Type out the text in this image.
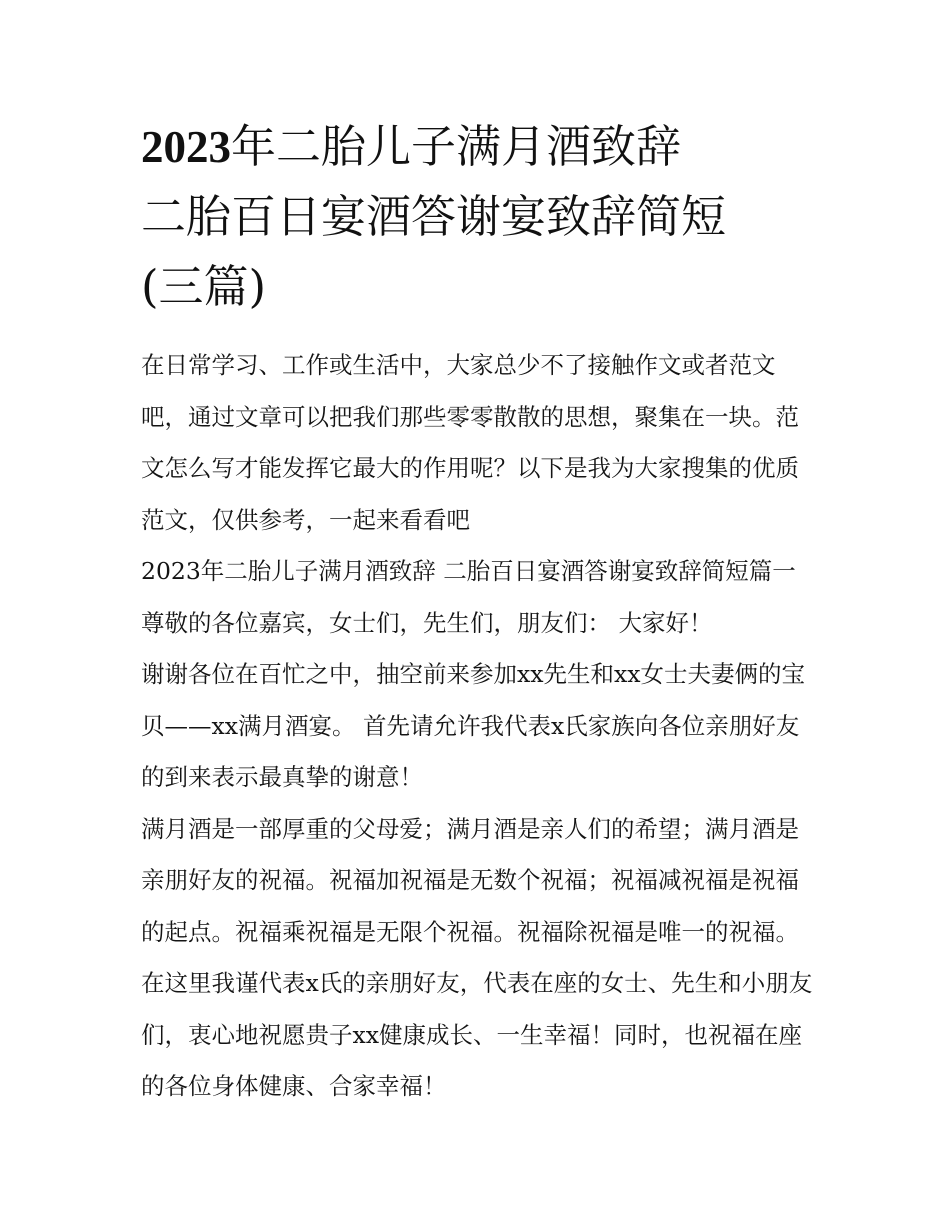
2023年二胎儿子满月酒致辞
二胎百日宴酒答谢宴致辞简短
(三篇)

在日常学习、工作或生活中，大家总少不了接触作文或者范文吧，通过文章可以把我们那些零零散散的思想，聚集在一块。范文怎么写才能发挥它最大的作用呢？以下是我为大家搜集的优质范文，仅供参考，一起来看看吧

2023年二胎儿子满月酒致辞 二胎百日宴酒答谢宴致辞简短篇一 尊敬的各位嘉宾，女士们，先生们，朋友们： 大家好！

谢谢各位在百忙之中，抽空前来参加xx先生和xx女士夫妻俩的宝贝——xx满月酒宴。 首先请允许我代表x氏家族向各位亲朋好友的到来表示最真挚的谢意！

满月酒是一部厚重的父母爱；满月酒是亲人们的希望；满月酒是亲朋好友的祝福。祝福加祝福是无数个祝福；祝福减祝福是祝福的起点。祝福乘祝福是无限个祝福。祝福除祝福是唯一的祝福。在这里我谨代表x氏的亲朋好友，代表在座的女士、先生和小朋友们，衷心地祝愿贵子xx健康成长、一生幸福！同时，也祝福在座的各位身体健康、合家幸福！
